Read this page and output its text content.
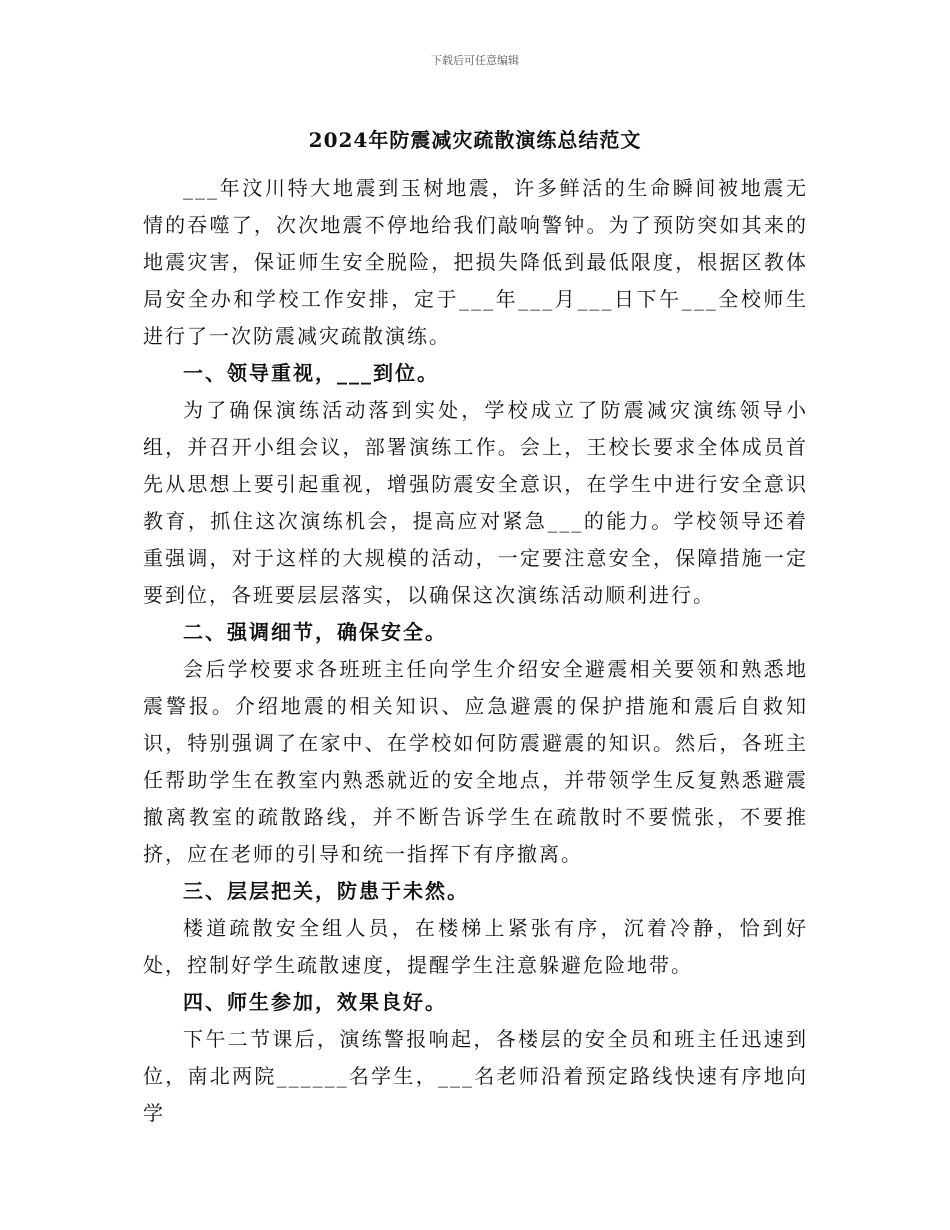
下载后可任意编辑
2024年防震减灾疏散演练总结范文

___年汶川特大地震到玉树地震，许多鲜活的生命瞬间被地震无情的吞噬了，次次地震不停地给我们敲响警钟。为了预防突如其来的地震灾害，保证师生安全脱险，把损失降低到最低限度，根据区教体局安全办和学校工作安排，定于___年___月___日下午___全校师生进行了一次防震减灾疏散演练。

一、领导重视，___到位。

为了确保演练活动落到实处，学校成立了防震减灾演练领导小组，并召开小组会议，部署演练工作。会上，王校长要求全体成员首先从思想上要引起重视，增强防震安全意识，在学生中进行安全意识教育，抓住这次演练机会，提高应对紧急___的能力。学校领导还着重强调，对于这样的大规模的活动，一定要注意安全，保障措施一定要到位，各班要层层落实，以确保这次演练活动顺利进行。

二、强调细节，确保安全。

会后学校要求各班班主任向学生介绍安全避震相关要领和熟悉地震警报。介绍地震的相关知识、应急避震的保护措施和震后自救知识，特别强调了在家中、在学校如何防震避震的知识。然后，各班主任帮助学生在教室内熟悉就近的安全地点，并带领学生反复熟悉避震撤离教室的疏散路线，并不断告诉学生在疏散时不要慌张，不要推挤，应在老师的引导和统一指挥下有序撤离。

三、层层把关，防患于未然。

楼道疏散安全组人员，在楼梯上紧张有序，沉着冷静，恰到好处，控制好学生疏散速度，提醒学生注意躲避危险地带。

四、师生参加，效果良好。

下午二节课后，演练警报响起，各楼层的安全员和班主任迅速到位，南北两院______名学生，___名老师沿着预定路线快速有序地向学
